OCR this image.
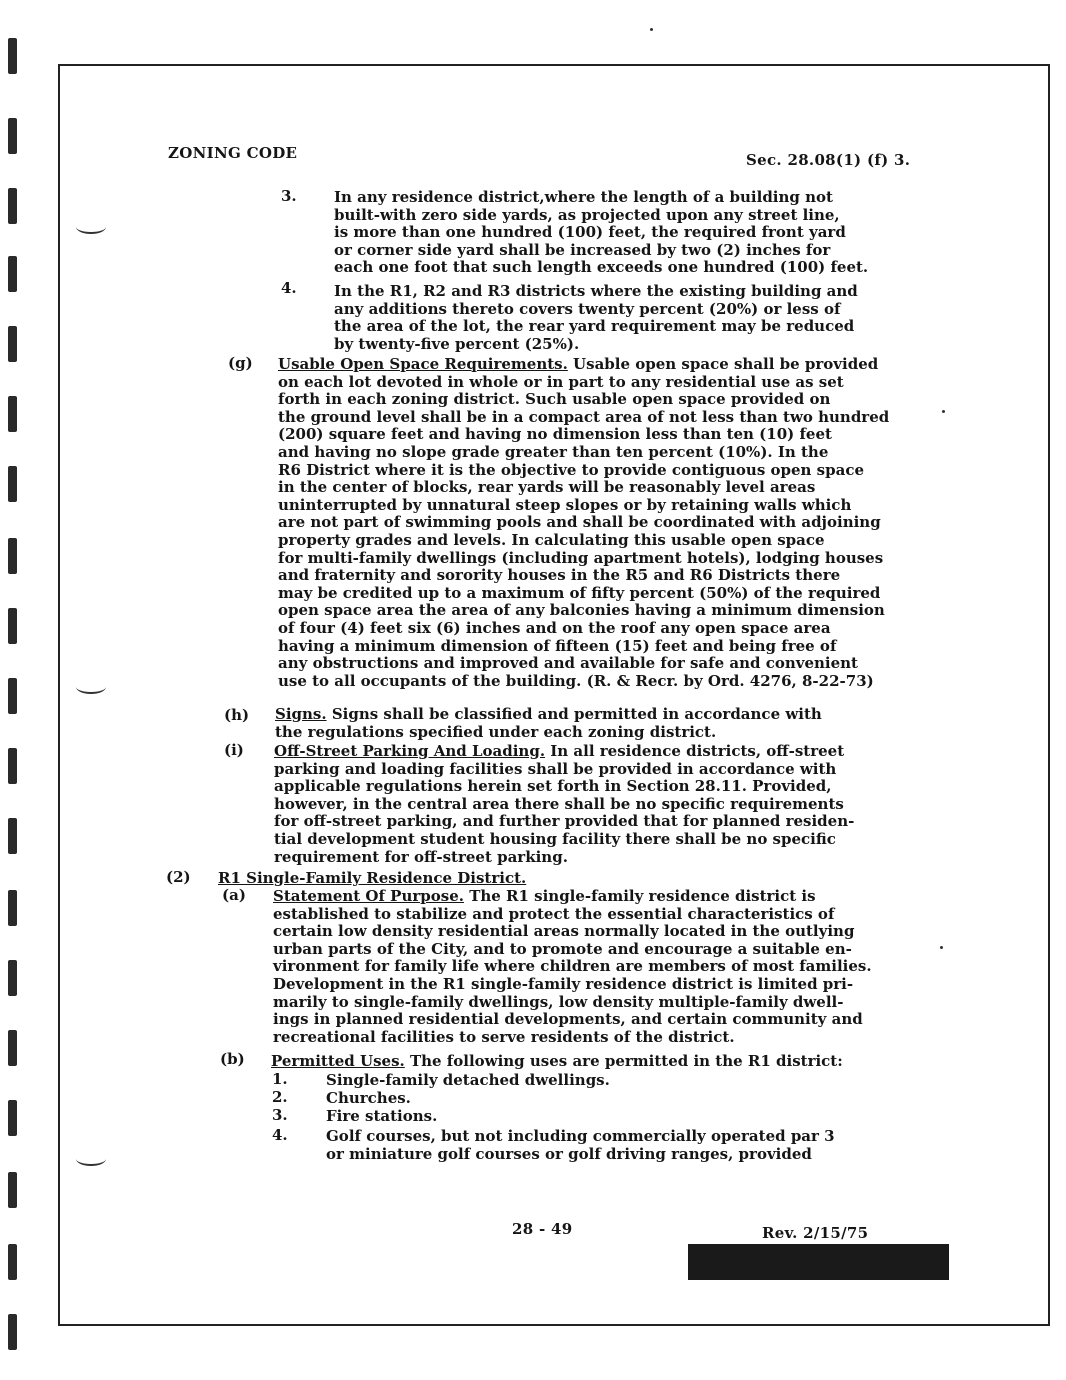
ZONING CODE	Sec. 28.08(1) (f) 3.
3. In any residence district,where the length of a building not
built-with zero side yards, as projected upon any street line,
is more than one hundred (100) feet, the required front yard
or corner side yard shall be increased by two (2) inches for
each one foot that such length exceeds one hundred (100) feet.
4. In the R1, R2 and R3 districts where the existing building and
any additions thereto covers twenty percent (20%) or less of
the area of the lot, the rear yard requirement may be reduced
by twenty-five percent (25%).
(g) Usable Open Space Requirements. Usable open space shall be provided
on each lot devoted in whole or in part to any residential use as set
forth in each zoning district. Such usable open space provided on
the ground level shall be in a compact area of not less than two hundred
(200) square feet and having no dimension less than ten (10) feet
and having no slope grade greater than ten percent (10%). In the
R6 District where it is the objective to provide contiguous open space
in the center of blocks, rear yards will be reasonably level areas
uninterrupted by unnatural steep slopes or by retaining walls which
are not part of swimming pools and shall be coordinated with adjoining
property grades and levels. In calculating this usable open space
for multi-family dwellings (including apartment hotels), lodging houses
and fraternity and sorority houses in the R5 and R6 Districts there
may be credited up to a maximum of fifty percent (50%) of the required
open space area the area of any balconies having a minimum dimension
of four (4) feet six (6) inches and on the roof any open space area
having a minimum dimension of fifteen (15) feet and being free of
any obstructions and improved and available for safe and convenient
use to all occupants of the building. (R. & Recr. by Ord. 4276, 8-22-73)
(h) Signs. Signs shall be classified and permitted in accordance with
the regulations specified under each zoning district.
(i) Off-Street Parking And Loading. In all residence districts, off-street
parking and loading facilities shall be provided in accordance with
applicable regulations herein set forth in Section 28.11. Provided,
however, in the central area there shall be no specific requirements
for off-street parking, and further provided that for planned residen-
tial development student housing facility there shall be no specific
requirement for off-street parking.
(2) R1 Single-Family Residence District.
(a) Statement Of Purpose. The R1 single-family residence district is
established to stabilize and protect the essential characteristics of
certain low density residential areas normally located in the outlying
urban parts of the City, and to promote and encourage a suitable en-
vironment for family life where children are members of most families.
Development in the R1 single-family residence district is limited pri-
marily to single-family dwellings, low density multiple-family dwell-
ings in planned residential developments, and certain community and
recreational facilities to serve residents of the district.
(b) Permitted Uses. The following uses are permitted in the R1 district:
1.	Single-family detached dwellings.
2.	Churches.
3.	Fire stations.
4.	Golf courses, but not including commercially operated par 3
or miniature golf courses or golf driving ranges, provided
28 - 49	Rev. 2/15/75
